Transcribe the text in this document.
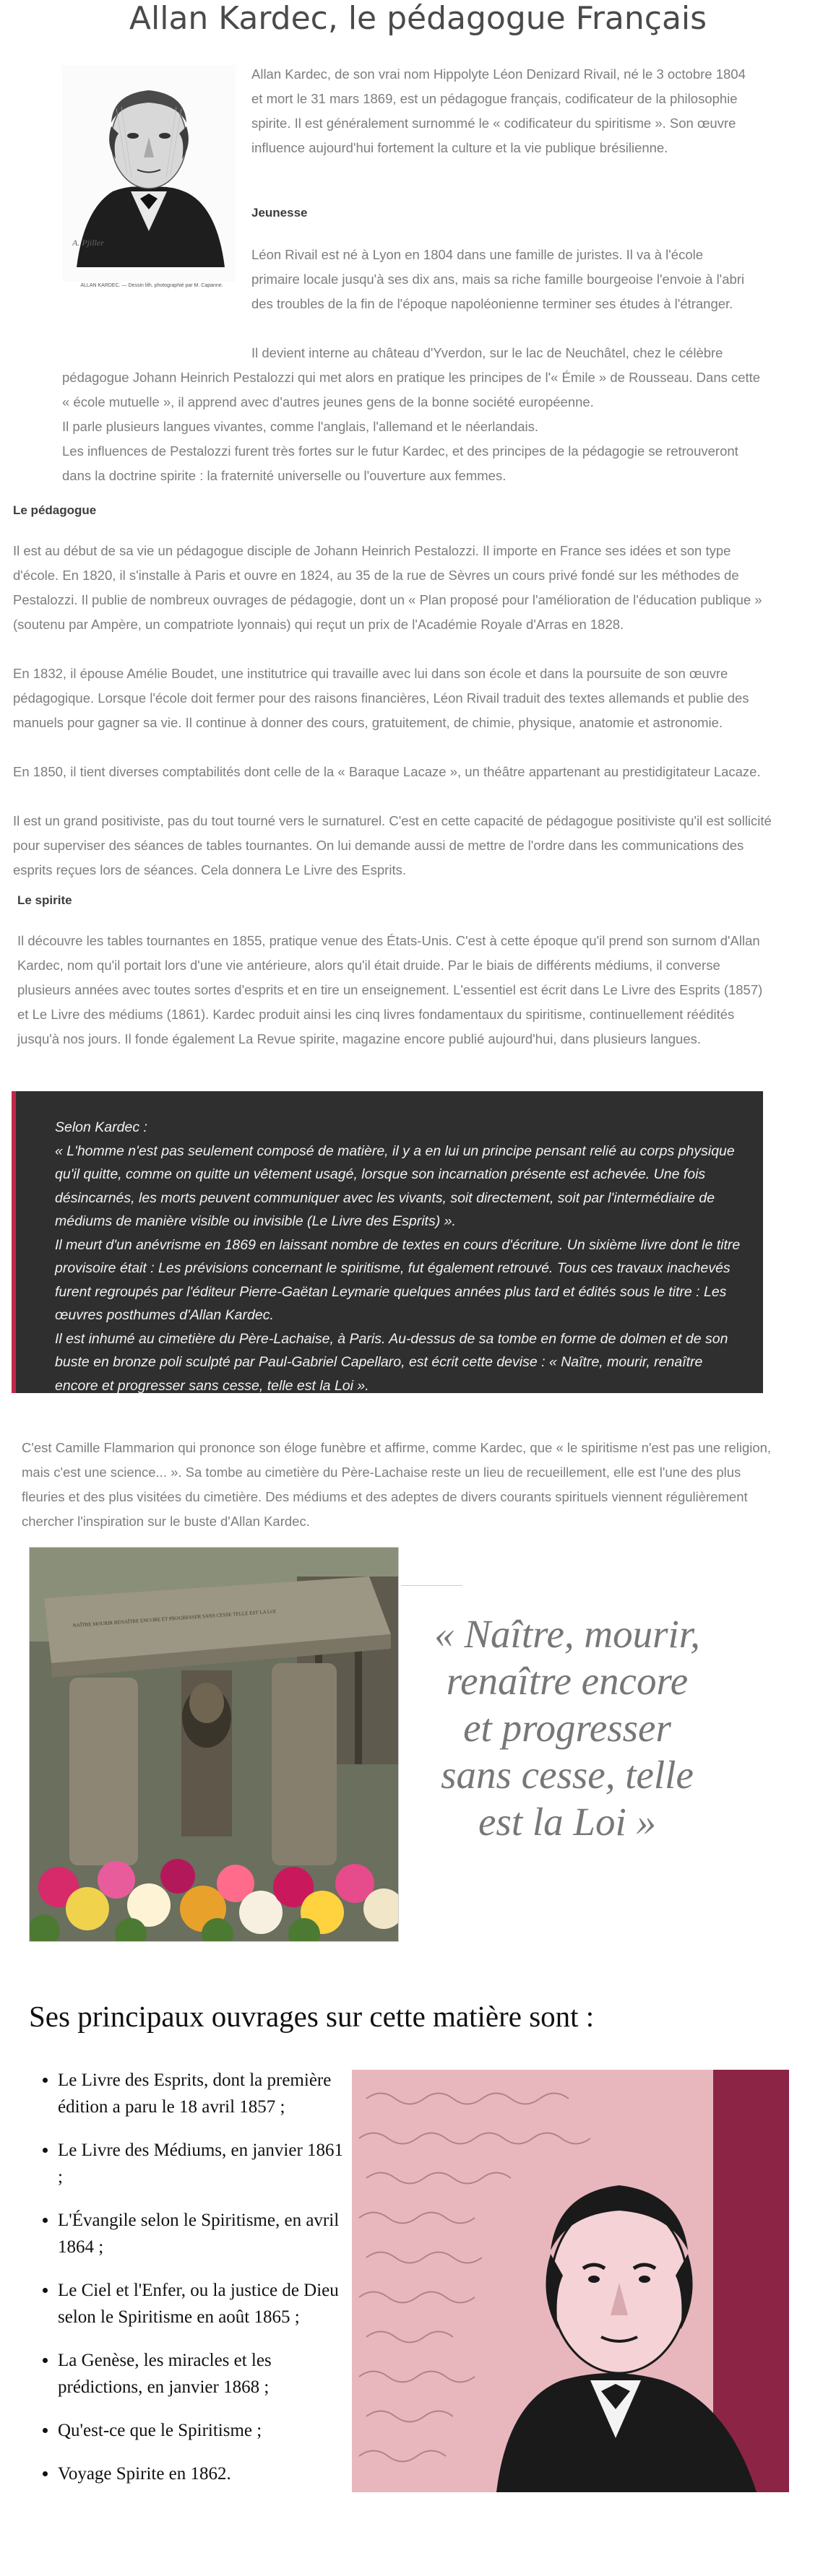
Allan Kardec, le pédagogue Français
A. Pjiller
ALLAN KARDEC. — Dessin lith. photographié par M. Capanne.
Allan Kardec, de son vrai nom Hippolyte Léon Denizard Rivail, né le 3 octobre 1804 et mort le 31 mars 1869, est un pédagogue français, codificateur de la philosophie spirite. Il est généralement surnommé le « codificateur du spiritisme ». Son œuvre influence aujourd'hui fortement la culture et la vie publique brésilienne.
Jeunesse
Léon Rivail est né à Lyon en 1804 dans une famille de juristes. Il va à l'école primaire locale jusqu'à ses dix ans, mais sa riche famille bourgeoise l'envoie à l'abri des troubles de la fin de l'époque napoléonienne terminer ses études à l'étranger.
Il devient interne au château d'Yverdon, sur le lac de Neuchâtel, chez le célèbre pédagogue Johann Heinrich Pestalozzi qui met alors en pratique les principes de l'« Émile » de Rousseau. Dans cette « école mutuelle », il apprend avec d'autres jeunes gens de la bonne société européenne.
Il parle plusieurs langues vivantes, comme l'anglais, l'allemand et le néerlandais.
Les influences de Pestalozzi furent très fortes sur le futur Kardec, et des principes de la pédagogie se retrouveront dans la doctrine spirite : la fraternité universelle ou l'ouverture aux femmes.
Le pédagogue
Il est au début de sa vie un pédagogue disciple de Johann Heinrich Pestalozzi. Il importe en France ses idées et son type d'école. En 1820, il s'installe à Paris et ouvre en 1824, au 35 de la rue de Sèvres un cours privé fondé sur les méthodes de Pestalozzi. Il publie de nombreux ouvrages de pédagogie, dont un « Plan proposé pour l'amélioration de l'éducation publique » (soutenu par Ampère, un compatriote lyonnais) qui reçut un prix de l'Académie Royale d'Arras en 1828.
En 1832, il épouse Amélie Boudet, une institutrice qui travaille avec lui dans son école et dans la poursuite de son œuvre pédagogique. Lorsque l'école doit fermer pour des raisons financières, Léon Rivail traduit des textes allemands et publie des manuels pour gagner sa vie. Il continue à donner des cours, gratuitement, de chimie, physique, anatomie et astronomie.
En 1850, il tient diverses comptabilités dont celle de la « Baraque Lacaze », un théâtre appartenant au prestidigitateur Lacaze.
Il est un grand positiviste, pas du tout tourné vers le surnaturel. C'est en cette capacité de pédagogue positiviste qu'il est sollicité pour superviser des séances de tables tournantes. On lui demande aussi de mettre de l'ordre dans les communications des esprits reçues lors de séances. Cela donnera Le Livre des Esprits.
Le spirite
Il découvre les tables tournantes en 1855, pratique venue des États-Unis. C'est à cette époque qu'il prend son surnom d'Allan Kardec, nom qu'il portait lors d'une vie antérieure, alors qu'il était druide. Par le biais de différents médiums, il converse plusieurs années avec toutes sortes d'esprits et en tire un enseignement. L'essentiel est écrit dans Le Livre des Esprits (1857) et Le Livre des médiums (1861). Kardec produit ainsi les cinq livres fondamentaux du spiritisme, continuellement réédités jusqu'à nos jours. Il fonde également La Revue spirite, magazine encore publié aujourd'hui, dans plusieurs langues.

Selon Kardec :

« L'homme n'est pas seulement composé de matière, il y a en lui un principe pensant relié au corps physique qu'il quitte, comme on quitte un vêtement usagé, lorsque son incarnation présente est achevée. Une fois désincarnés, les morts peuvent communiquer avec les vivants, soit directement, soit par l'intermédiaire de médiums de manière visible ou invisible (Le Livre des Esprits) ».

Il meurt d'un anévrisme en 1869 en laissant nombre de textes en cours d'écriture. Un sixième livre dont le titre provisoire était : Les prévisions concernant le spiritisme, fut également retrouvé. Tous ces travaux inachevés furent regroupés par l'éditeur Pierre-Gaëtan Leymarie quelques années plus tard et édités sous le titre : Les œuvres posthumes d'Allan Kardec.

Il est inhumé au cimetière du Père-Lachaise, à Paris. Au-dessus de sa tombe en forme de dolmen et de son buste en bronze poli sculpté par Paul-Gabriel Capellaro, est écrit cette devise : « Naître, mourir, renaître encore et progresser sans cesse, telle est la Loi ».

C'est Camille Flammarion qui prononce son éloge funèbre et affirme, comme Kardec, que « le spiritisme n'est pas une religion, mais c'est une science... ». Sa tombe au cimetière du Père-Lachaise reste un lieu de recueillement, elle est l'une des plus fleuries et des plus visitées du cimetière. Des médiums et des adeptes de divers courants spirituels viennent régulièrement chercher l'inspiration sur le buste d'Allan Kardec.
NAÎTRE MOURIR RENAÎTRE ENCORE ET PROGRESSER SANS CESSE TELLE EST LA LOI	« Naître, mourir, renaître encore et progresser sans cesse, telle est la Loi »
Ses principaux ouvrages sur cette matière sont :
• Le Livre des Esprits, dont la première édition a paru le 18 avril 1857 ;
• Le Livre des Médiums, en janvier 1861 ;
• L'Évangile selon le Spiritisme, en avril 1864 ;
• Le Ciel et l'Enfer, ou la justice de Dieu selon le Spiritisme en août 1865 ;
• La Genèse, les miracles et les prédictions, en janvier 1868 ;
• Qu'est-ce que le Spiritisme ;
• Voyage Spirite en 1862.
